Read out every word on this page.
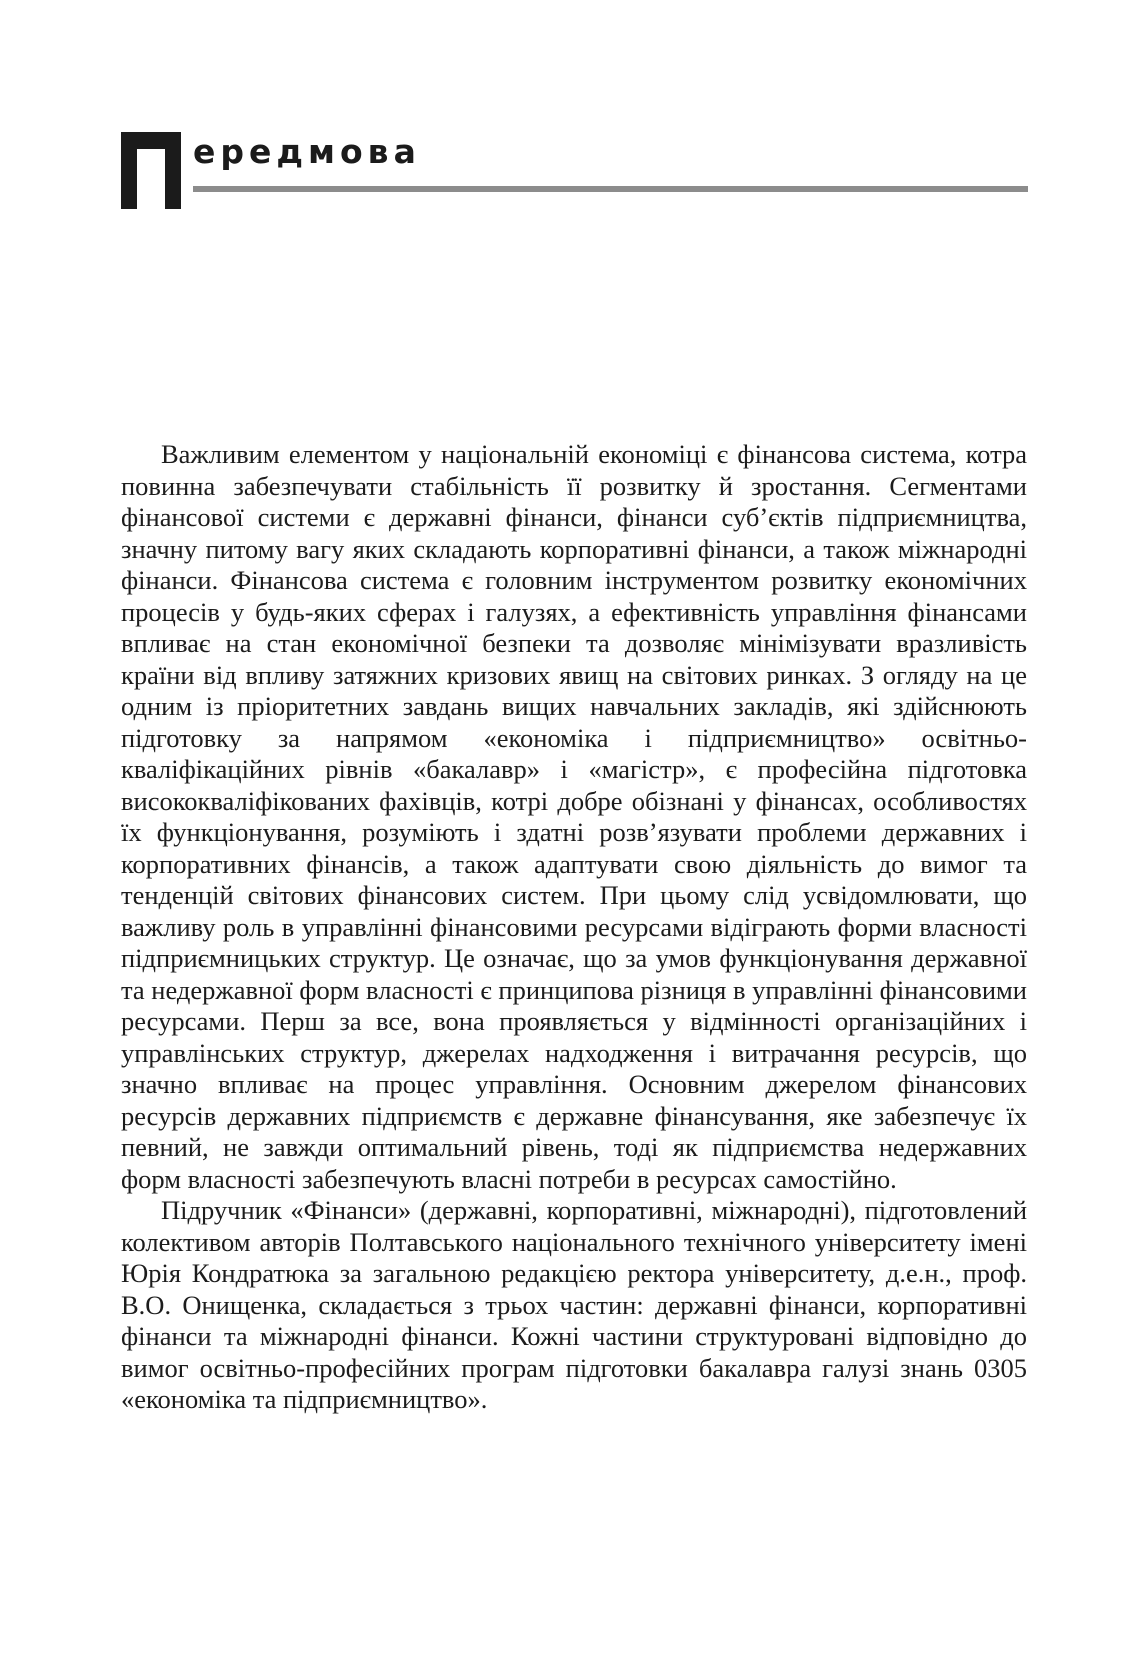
ередмова

Важливим елементом у національній економіці є фінансова система, котра повинна забезпечувати стабільність її розвитку й зростання. Сегментами фінансової системи є державні фінанси, фінанси суб’єктів підприємництва, значну питому вагу яких складають корпоративні фінанси, а також міжнародні фінанси. Фінансова система є головним інструментом розвитку економічних процесів у будь-яких сферах і галузях, а ефективність управління фінансами впливає на стан економічної безпеки та дозволяє мінімізувати вразливість країни від впливу затяжних кризових явищ на світових ринках. З огляду на це одним із пріоритетних завдань вищих навчальних закладів, які здійснюють підготовку за напрямом «економіка і підприємництво» освітньо-кваліфікаційних рівнів «бакалавр» і «магістр», є професійна підготовка висококваліфікованих фахівців, котрі добре обізнані у фінансах, особливостях їх функціонування, розуміють і здатні розв’язувати проблеми державних і корпоративних фінансів, а також адаптувати свою діяльність до вимог та тенденцій світових фінансових систем. При цьому слід усвідомлювати, що важливу роль в управлінні фінансовими ресурсами відіграють форми власності підприємницьких структур. Це означає, що за умов функціонування державної та недержавної форм власності є принципова різниця в управлінні фінансовими ресурсами. Перш за все, вона проявляється у відмінності організаційних і управлінських структур, джерелах надходження і витрачання ресурсів, що значно впливає на процес управління. Основним джерелом фінансових ресурсів державних підприємств є державне фінансування, яке забезпечує їх певний, не завжди оптимальний рівень, тоді як підприємства недержавних форм власності забезпечують власні потреби в ресурсах самостійно.

Підручник «Фінанси» (державні, корпоративні, міжнародні), підготовлений колективом авторів Полтавського національного технічного університету імені Юрія Кондратюка за загальною редакцією ректора університету, д.е.н., проф. В.О. Онищенка, складається з трьох частин: державні фінанси, корпоративні фінанси та міжнародні фінанси. Кожні частини структуровані відповідно до вимог освітньо-професійних програм підготовки бакалавра галузі знань 0305 «економіка та підприємництво».
